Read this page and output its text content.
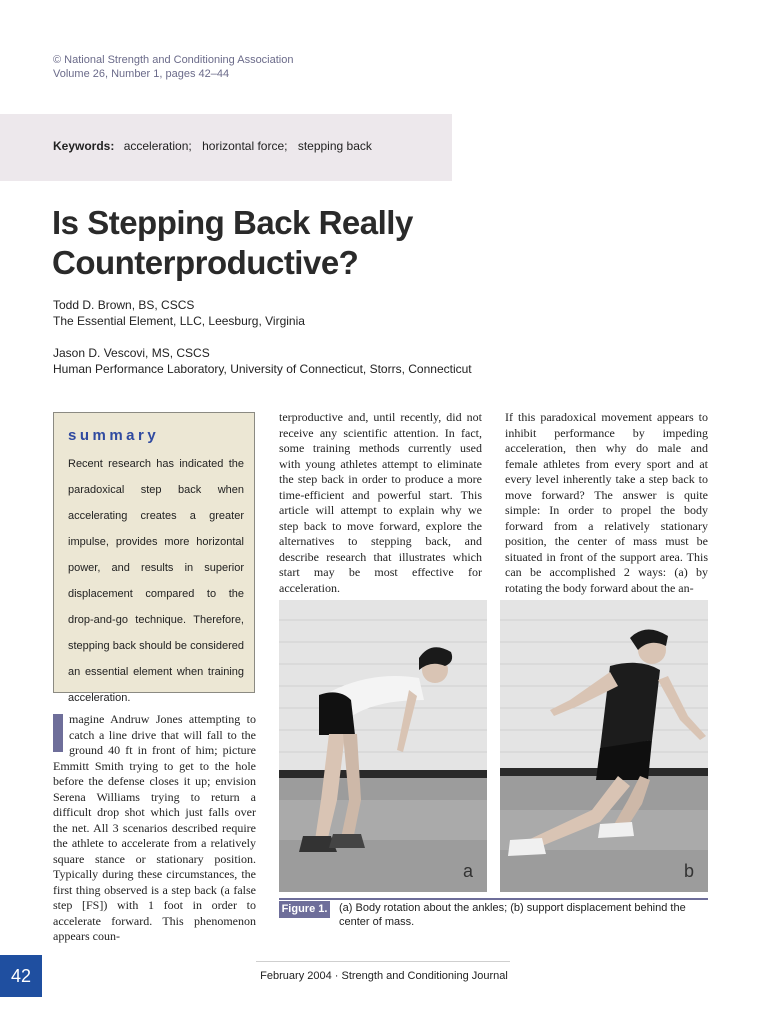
© National Strength and Conditioning Association
Volume 26, Number 1, pages 42–44
Keywords: acceleration; horizontal force; stepping back
Is Stepping Back Really Counterproductive?
Todd D. Brown, BS, CSCS
The Essential Element, LLC, Leesburg, Virginia
Jason D. Vescovi, MS, CSCS
Human Performance Laboratory, University of Connecticut, Storrs, Connecticut
summary
Recent research has indicated the paradoxical step back when accelerating creates a greater impulse, provides more horizontal power, and results in superior displacement compared to the drop-and-go technique. Therefore, stepping back should be considered an essential element when training acceleration.
magine Andruw Jones attempting to catch a line drive that will fall to the ground 40 ft in front of him; picture Emmitt Smith trying to get to the hole before the defense closes it up; envision Serena Williams trying to return a difficult drop shot which just falls over the net. All 3 scenarios described require the athlete to accelerate from a relatively square stance or stationary position. Typically during these circumstances, the first thing observed is a step back (a false step [FS]) with 1 foot in order to accelerate forward. This phenomenon appears coun-
terproductive and, until recently, did not receive any scientific attention. In fact, some training methods currently used with young athletes attempt to eliminate the step back in order to produce a more time-efficient and powerful start. This article will attempt to explain why we step back to move forward, explore the alternatives to stepping back, and describe research that illustrates which start may be most effective for acceleration.
If this paradoxical movement appears to inhibit performance by impeding acceleration, then why do male and female athletes from every sport and at every level inherently take a step back to move forward? The answer is quite simple: In order to propel the body forward from a relatively stationary position, the center of mass must be situated in front of the support area. This can be accomplished 2 ways: (a) by rotating the body forward about the an-
a	b
Figure 1. (a) Body rotation about the ankles; (b) support displacement behind the center of mass.
42	February 2004 · Strength and Conditioning Journal
